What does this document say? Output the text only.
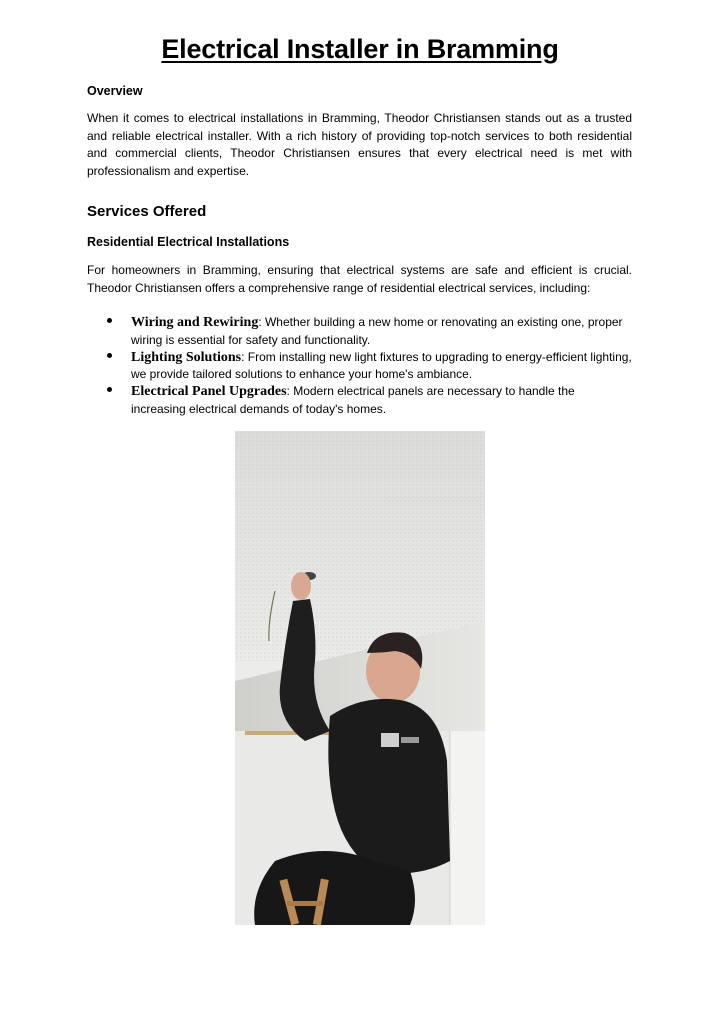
Electrical Installer in Bramming
Overview

When it comes to electrical installations in Bramming, Theodor Christiansen stands out as a trusted and reliable electrical installer. With a rich history of providing top-notch services to both residential and commercial clients, Theodor Christiansen ensures that every electrical need is met with professionalism and expertise.

Services Offered
Residential Electrical Installations

For homeowners in Bramming, ensuring that electrical systems are safe and efficient is crucial. Theodor Christiansen offers a comprehensive range of residential electrical services, including:

Wiring and Rewiring: Whether building a new home or renovating an existing one, proper wiring is essential for safety and functionality.
Lighting Solutions: From installing new light fixtures to upgrading to energy-efficient lighting, we provide tailored solutions to enhance your home's ambiance.
Electrical Panel Upgrades: Modern electrical panels are necessary to handle the increasing electrical demands of today's homes.
